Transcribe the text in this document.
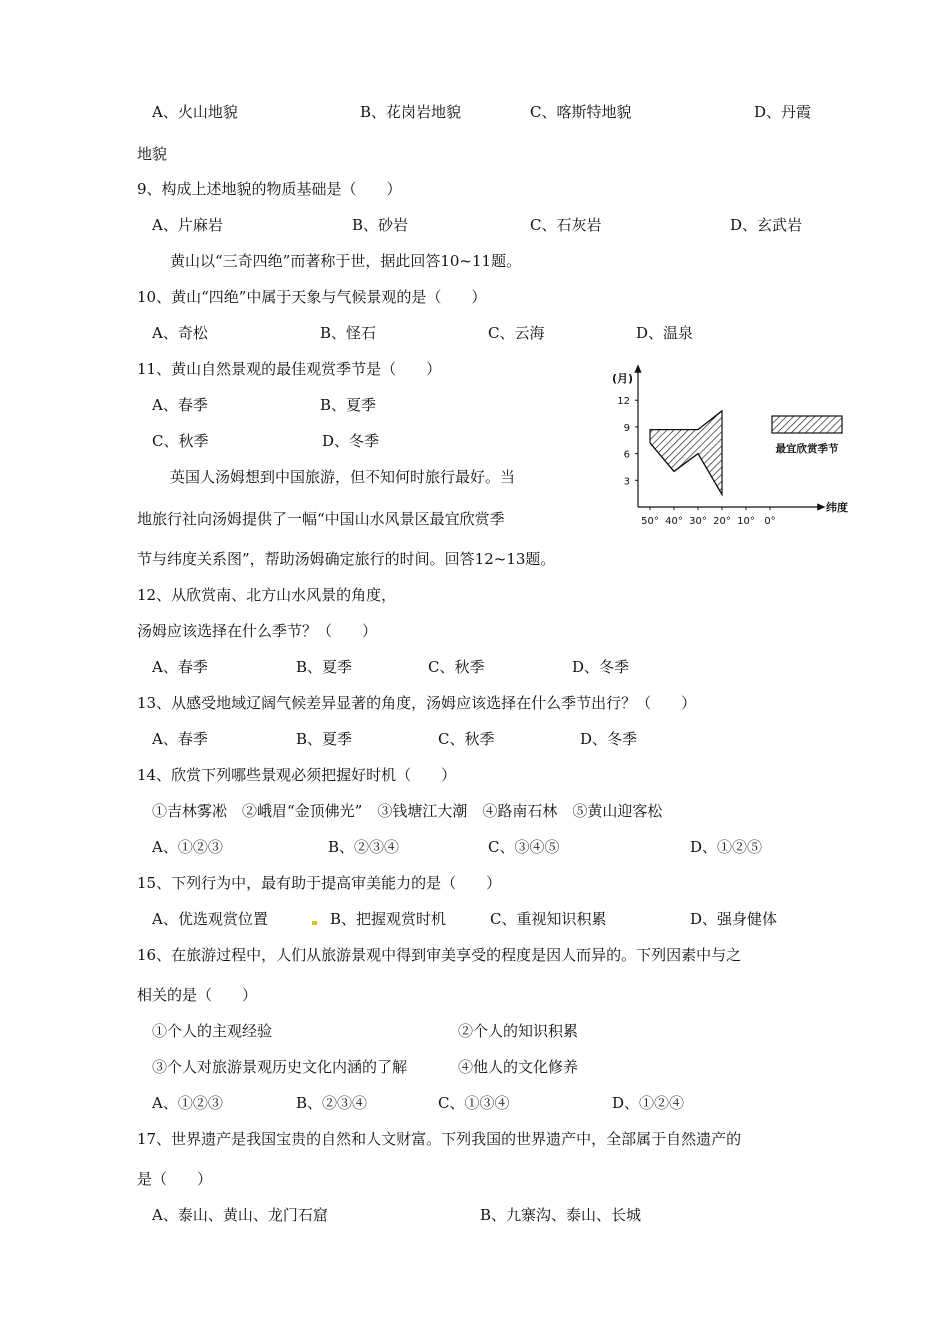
A、火山地貌	B、花岗岩地貌	C、喀斯特地貌	D、丹霞
地貌
9、构成上述地貌的物质基础是（　　）
A、片麻岩	B、砂岩	C、石灰岩	D、玄武岩
黄山以“三奇四绝”而著称于世，据此回答10~11题。
10、黄山“四绝”中属于天象与气候景观的是（　　）
A、奇松	B、怪石	C、云海	D、温泉
11、黄山自然景观的最佳观赏季节是（　　）
A、春季	B、夏季
C、秋季	D、冬季
英国人汤姆想到中国旅游，但不知何时旅行最好。当
地旅行社向汤姆提供了一幅“中国山水风景区最宜欣赏季
节与纬度关系图”，帮助汤姆确定旅行的时间。回答12~13题。
12、从欣赏南、北方山水风景的角度，
汤姆应该选择在什么季节？（　　）
A、春季	B、夏季	C、秋季	D、冬季
13、从感受地域辽阔气候差异显著的角度，汤姆应该选择在什么季节出行？（　　）
A、春季	B、夏季	C、秋季	D、冬季
14、欣赏下列哪些景观必须把握好时机（　　）
①吉林雾凇　②峨眉“金顶佛光”　③钱塘江大潮　④路南石林　⑤黄山迎客松
A、①②③	B、②③④	C、③④⑤	D、①②⑤
15、下列行为中，最有助于提高审美能力的是（　　）
A、优选观赏位置	B、把握观赏时机	C、重视知识积累	D、强身健体
16、在旅游过程中，人们从旅游景观中得到审美享受的程度是因人而异的。下列因素中与之
相关的是（　　）
①个人的主观经验	②个人的知识积累
③个人对旅游景观历史文化内涵的了解	④他人的文化修养
A、①②③	B、②③④	C、①③④	D、①②④
17、世界遗产是我国宝贵的自然和人文财富。下列我国的世界遗产中，全部属于自然遗产的
是（　　）
A、泰山、黄山、龙门石窟	B、九寨沟、泰山、长城
(月)
3
6
9
12
50° 40° 30° 20° 10° 0°
纬度
最宜欣赏季节
